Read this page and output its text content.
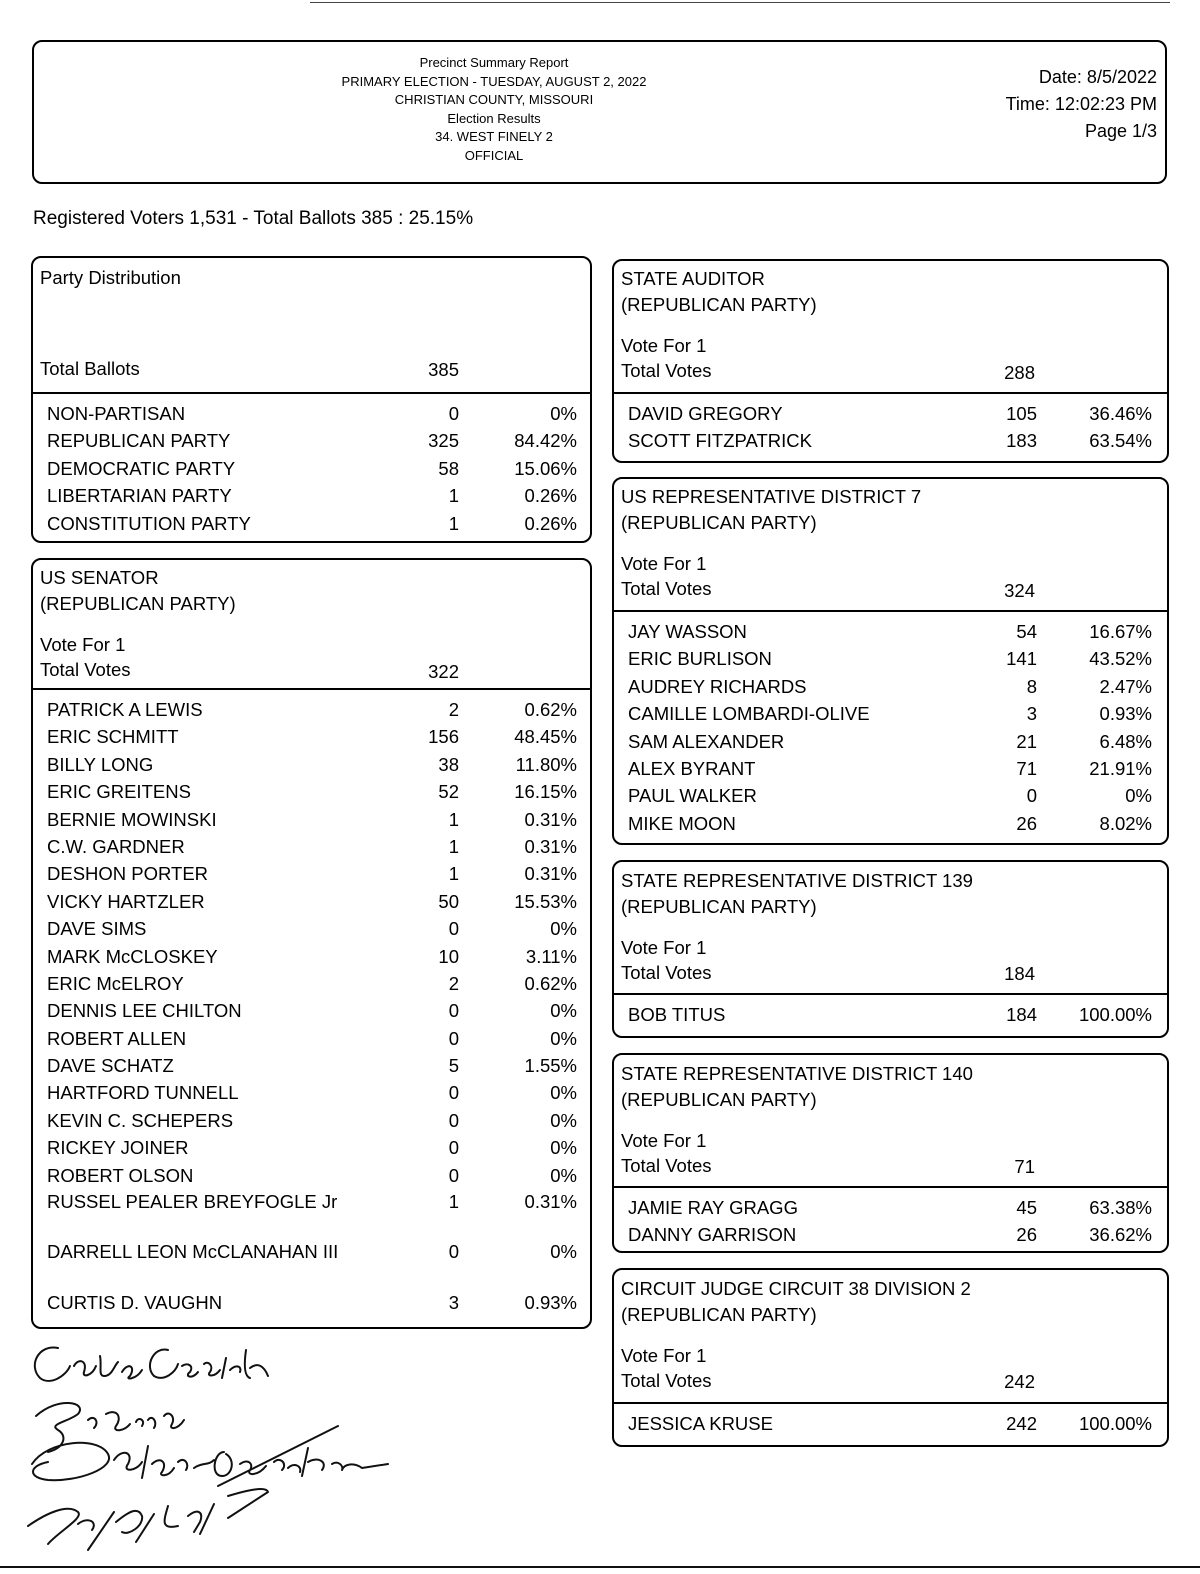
Precinct Summary Report
PRIMARY ELECTION - TUESDAY, AUGUST 2, 2022
CHRISTIAN COUNTY, MISSOURI
Election Results
34. WEST FINELY 2
OFFICIAL
Date: 8/5/2022
Time: 12:02:23 PM
Page 1/3
Registered Voters 1,531 - Total Ballots 385 : 25.15%
Party Distribution
Total Ballots	385
NON-PARTISAN	0	0%
REPUBLICAN PARTY	325	84.42%
DEMOCRATIC PARTY	58	15.06%
LIBERTARIAN PARTY	1	0.26%
CONSTITUTION PARTY	1	0.26%
US SENATOR
(REPUBLICAN PARTY)
Vote For 1
Total Votes	322
PATRICK A LEWIS	2	0.62%
ERIC SCHMITT	156	48.45%
BILLY LONG	38	11.80%
ERIC GREITENS	52	16.15%
BERNIE MOWINSKI	1	0.31%
C.W. GARDNER	1	0.31%
DESHON PORTER	1	0.31%
VICKY HARTZLER	50	15.53%
DAVE SIMS	0	0%
MARK McCLOSKEY	10	3.11%
ERIC McELROY	2	0.62%
DENNIS LEE CHILTON	0	0%
ROBERT ALLEN	0	0%
DAVE SCHATZ	5	1.55%
HARTFORD TUNNELL	0	0%
KEVIN C. SCHEPERS	0	0%
RICKEY JOINER	0	0%
ROBERT OLSON	0	0%
RUSSEL PEALER BREYFOGLE Jr	1	0.31%
DARRELL LEON McCLANAHAN III	0	0%
CURTIS D. VAUGHN	3	0.93%
STATE AUDITOR
(REPUBLICAN PARTY)
Vote For 1
Total Votes	288
DAVID GREGORY	105	36.46%
SCOTT FITZPATRICK	183	63.54%
US REPRESENTATIVE DISTRICT 7
(REPUBLICAN PARTY)
Vote For 1
Total Votes	324
JAY WASSON	54	16.67%
ERIC BURLISON	141	43.52%
AUDREY RICHARDS	8	2.47%
CAMILLE LOMBARDI-OLIVE	3	0.93%
SAM ALEXANDER	21	6.48%
ALEX BYRANT	71	21.91%
PAUL WALKER	0	0%
MIKE MOON	26	8.02%
STATE REPRESENTATIVE DISTRICT 139
(REPUBLICAN PARTY)
Vote For 1
Total Votes	184
BOB TITUS	184	100.00%
STATE REPRESENTATIVE DISTRICT 140
(REPUBLICAN PARTY)
Vote For 1
Total Votes	71
JAMIE RAY GRAGG	45	63.38%
DANNY GARRISON	26	36.62%
CIRCUIT JUDGE CIRCUIT 38 DIVISION 2
(REPUBLICAN PARTY)
Vote For 1
Total Votes	242
JESSICA KRUSE	242	100.00%
